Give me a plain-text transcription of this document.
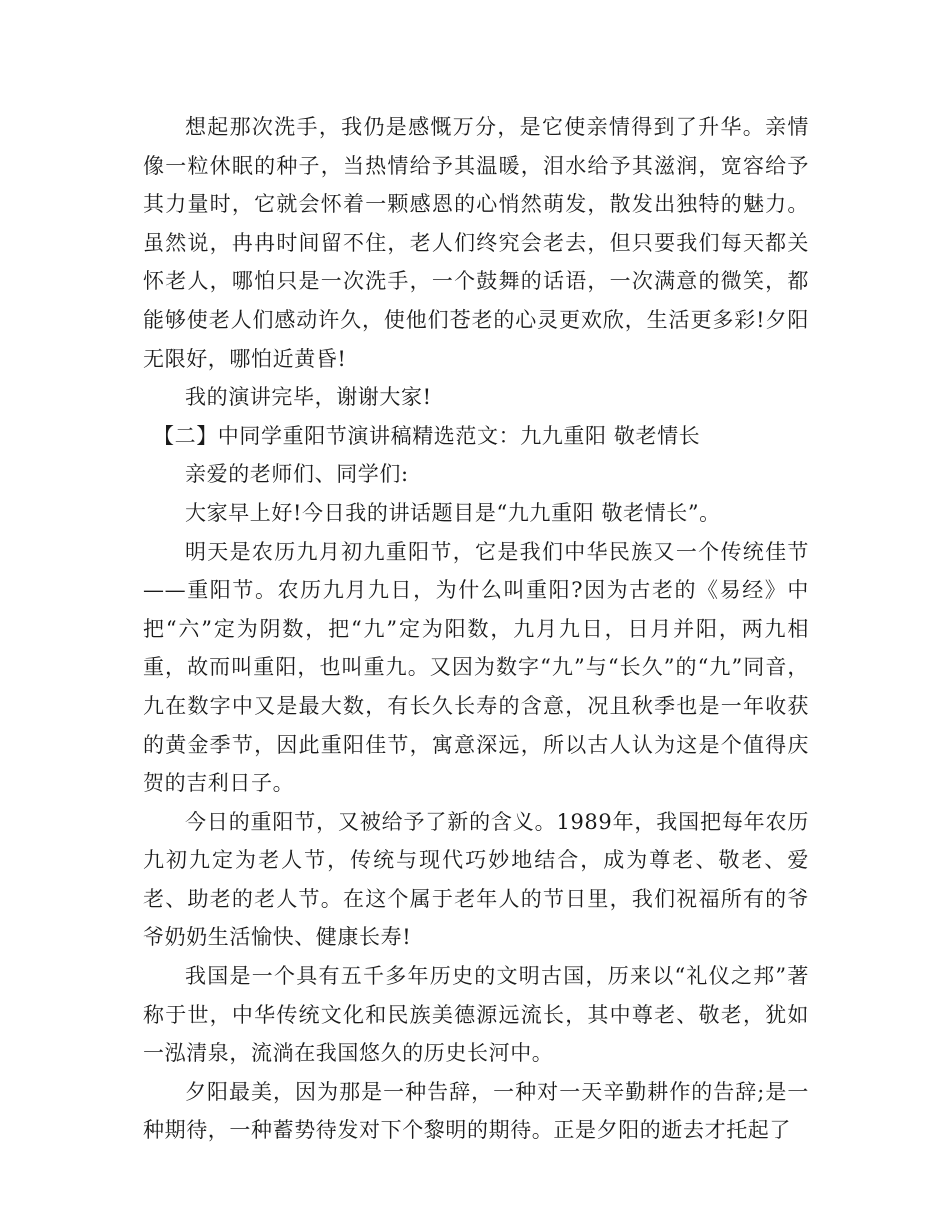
想起那次洗手，我仍是感慨万分，是它使亲情得到了升华。亲情像一粒休眠的种子，当热情给予其温暖，泪水给予其滋润，宽容给予其力量时，它就会怀着一颗感恩的心悄然萌发，散发出独特的魅力。虽然说，冉冉时间留不住，老人们终究会老去，但只要我们每天都关怀老人，哪怕只是一次洗手，一个鼓舞的话语，一次满意的微笑，都能够使老人们感动许久，使他们苍老的心灵更欢欣，生活更多彩!夕阳无限好，哪怕近黄昏!

我的演讲完毕，谢谢大家!

【二】中同学重阳节演讲稿精选范文：九九重阳 敬老情长

亲爱的老师们、同学们:

大家早上好!今日我的讲话题目是“九九重阳 敬老情长”。

明天是农历九月初九重阳节，它是我们中华民族又一个传统佳节——重阳节。农历九月九日，为什么叫重阳?因为古老的《易经》中把“六”定为阴数，把“九”定为阳数，九月九日，日月并阳，两九相重，故而叫重阳，也叫重九。又因为数字“九”与“长久”的“九”同音，九在数字中又是最大数，有长久长寿的含意，况且秋季也是一年收获的黄金季节，因此重阳佳节，寓意深远，所以古人认为这是个值得庆贺的吉利日子。

今日的重阳节，又被给予了新的含义。1989年，我国把每年农历九初九定为老人节，传统与现代巧妙地结合，成为尊老、敬老、爱老、助老的老人节。在这个属于老年人的节日里，我们祝福所有的爷爷奶奶生活愉快、健康长寿!

我国是一个具有五千多年历史的文明古国，历来以“礼仪之邦”著称于世，中华传统文化和民族美德源远流长，其中尊老、敬老，犹如一泓清泉，流淌在我国悠久的历史长河中。

夕阳最美，因为那是一种告辞，一种对一天辛勤耕作的告辞;是一种期待，一种蓄势待发对下个黎明的期待。正是夕阳的逝去才托起了
